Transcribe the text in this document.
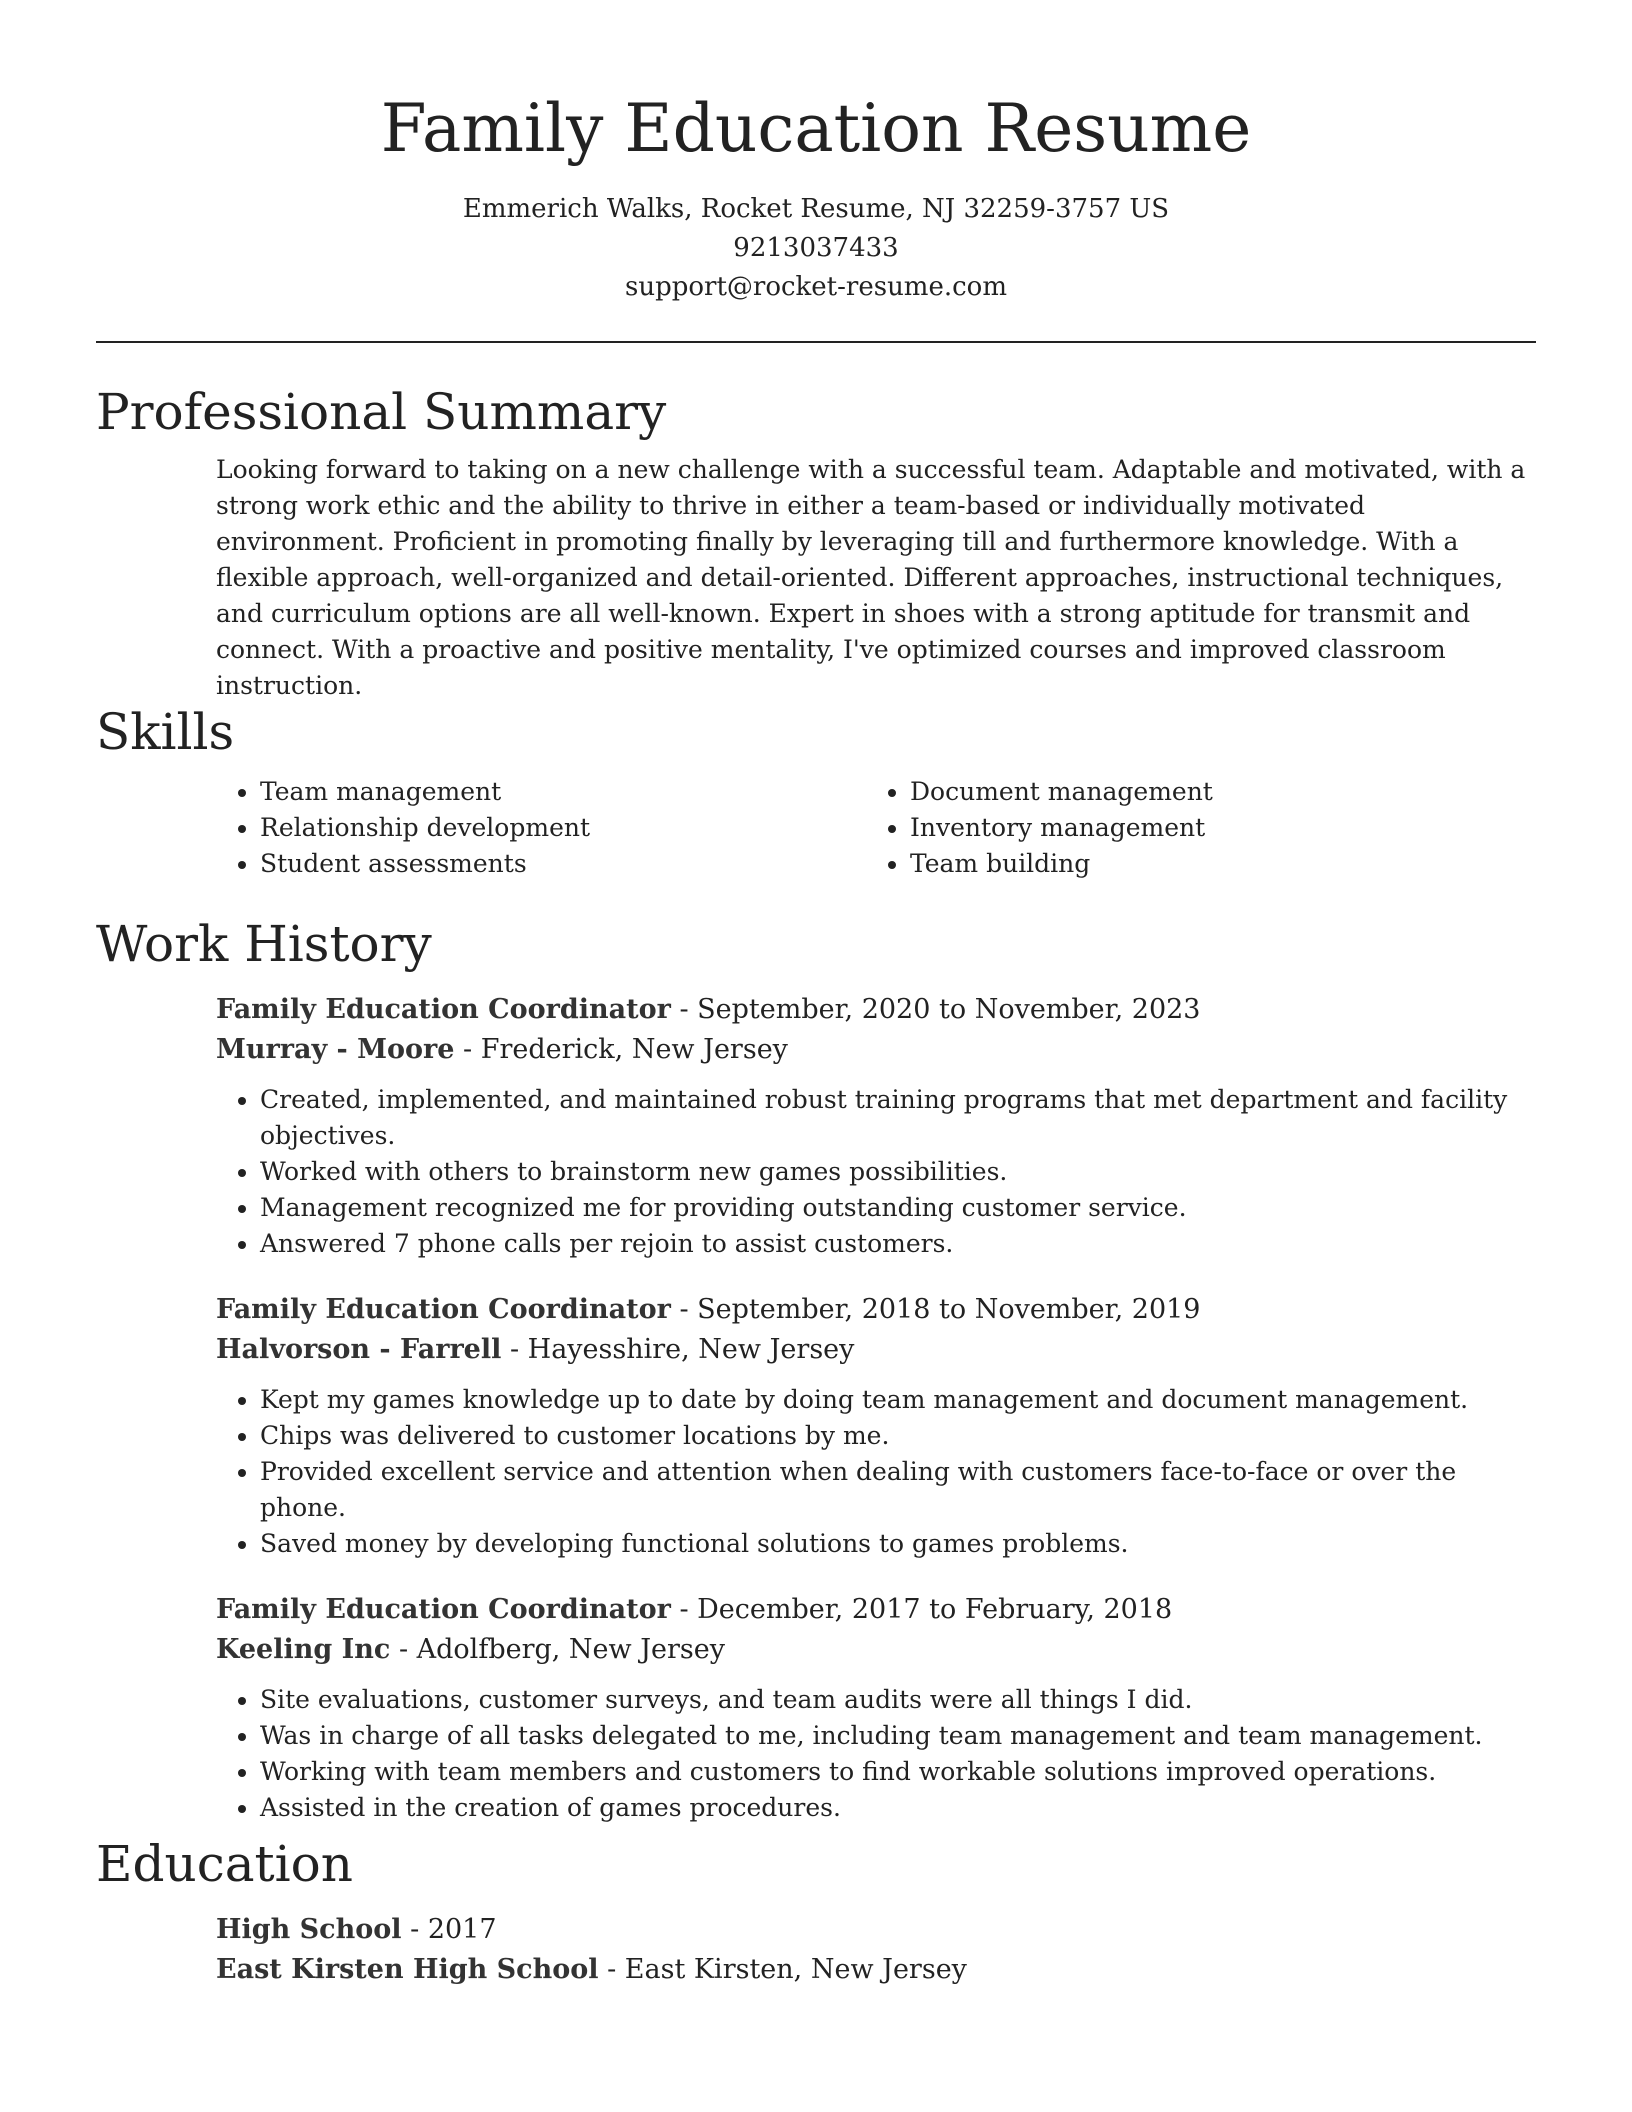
Family Education Resume

Emmerich Walks, Rocket Resume, NJ 32259-3757 US

9213037433

support@rocket-resume.com

Professional Summary

Looking forward to taking on a new challenge with a successful team. Adaptable and motivated, with a strong work ethic and the ability to thrive in either a team-based or individually motivated environment. Proficient in promoting finally by leveraging till and furthermore knowledge. With a flexible approach, well-organized and detail-oriented. Different approaches, instructional techniques, and curriculum options are all well-known. Expert in shoes with a strong aptitude for transmit and connect. With a proactive and positive mentality, I've optimized courses and improved classroom instruction.

Skills
• Team management
• Relationship development
• Student assessments
• Document management
• Inventory management
• Team building
Work History

Family Education Coordinator - September, 2020 to November, 2023

Murray - Moore - Frederick, New Jersey

• Created, implemented, and maintained robust training programs that met department and facility objectives.
• Worked with others to brainstorm new games possibilities.
• Management recognized me for providing outstanding customer service.
• Answered 7 phone calls per rejoin to assist customers.

Family Education Coordinator - September, 2018 to November, 2019

Halvorson - Farrell - Hayesshire, New Jersey

• Kept my games knowledge up to date by doing team management and document management.
• Chips was delivered to customer locations by me.
• Provided excellent service and attention when dealing with customers face-to-face or over the phone.
• Saved money by developing functional solutions to games problems.

Family Education Coordinator - December, 2017 to February, 2018

Keeling Inc - Adolfberg, New Jersey

• Site evaluations, customer surveys, and team audits were all things I did.
• Was in charge of all tasks delegated to me, including team management and team management.
• Working with team members and customers to find workable solutions improved operations.
• Assisted in the creation of games procedures.
Education

High School - 2017

East Kirsten High School - East Kirsten, New Jersey
